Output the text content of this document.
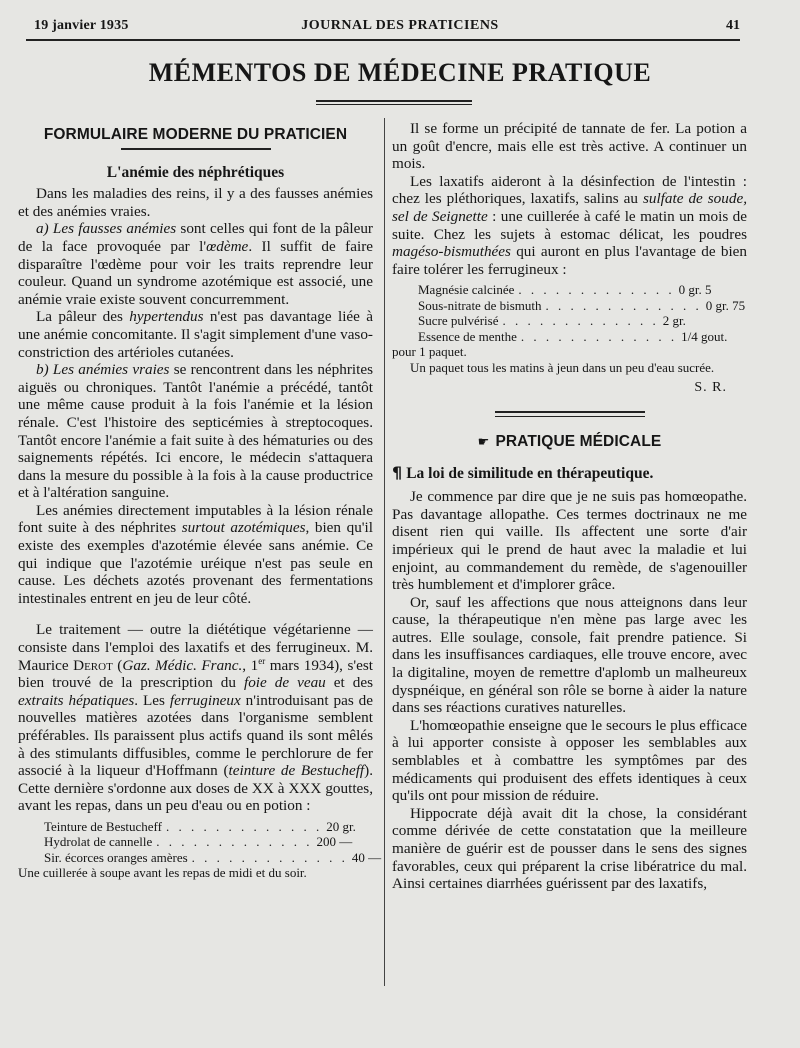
19 janvier 1935	JOURNAL DES PRATICIENS	41
MÉMENTOS DE MÉDECINE PRATIQUE
FORMULAIRE MODERNE DU PRATICIEN
L'anémie des néphrétiques

Dans les maladies des reins, il y a des fausses anémies et des anémies vraies.

a) Les fausses anémies sont celles qui font de la pâleur de la face provoquée par l'œdème. Il suffit de faire disparaître l'œdème pour voir les traits reprendre leur couleur. Quand un syndrome azotémique est associé, une anémie vraie existe souvent concurremment.

La pâleur des hypertendus n'est pas davantage liée à une anémie concomitante. Il s'agit simplement d'une vaso-constriction des artérioles cutanées.

b) Les anémies vraies se rencontrent dans les néphrites aiguës ou chroniques. Tantôt l'anémie a précédé, tantôt une même cause produit à la fois l'anémie et la lésion rénale. C'est l'histoire des septicémies à streptocoques. Tantôt encore l'anémie a fait suite à des hématuries ou des saignements répétés. Ici encore, le médecin s'attaquera dans la mesure du possible à la fois à la cause productrice et à l'altération sanguine.

Les anémies directement imputables à la lésion rénale font suite à des néphrites surtout azotémiques, bien qu'il existe des exemples d'azotémie élevée sans anémie. Ce qui indique que l'azotémie uréique n'est pas seule en cause. Les déchets azotés provenant des fermentations intestinales entrent en jeu de leur côté.

Le traitement — outre la diététique végétarienne — consiste dans l'emploi des laxatifs et des ferrugineux. M. Maurice Derot (Gaz. Médic. Franc., 1er mars 1934), s'est bien trouvé de la prescription du foie de veau et des extraits hépatiques. Les ferrugineux n'introduisant pas de nouvelles matières azotées dans l'organisme semblent préférables. Ils paraissent plus actifs quand ils sont mêlés à des stimulants diffusibles, comme le perchlorure de fer associé à la liqueur d'Hoffmann (teinture de Bestucheff). Cette dernière s'ordonne aux doses de XX à XXX gouttes, avant les repas, dans un peu d'eau ou en potion :

Teinture de Bestucheff . . . . . . . . . . . . . 20 gr.
Hydrolat de cannelle . . . . . . . . . . . . . 200 —
Sir. écorces oranges amères . . . . . . . . . . . . . 40 —

Une cuillerée à soupe avant les repas de midi et du soir.

Il se forme un précipité de tannate de fer. La potion a un goût d'encre, mais elle est très active. A continuer un mois.

Les laxatifs aideront à la désinfection de l'intestin : chez les pléthoriques, laxatifs, salins au sulfate de soude, sel de Seignette : une cuillerée à café le matin un mois de suite. Chez les sujets à estomac délicat, les poudres magéso-bismuthées qui auront en plus l'avantage de bien faire tolérer les ferrugineux :

Magnésie calcinée . . . . . . . . . . . . . 0 gr. 5
Sous-nitrate de bismuth . . . . . . . . . . . . . 0 gr. 75
Sucre pulvérisé . . . . . . . . . . . . . 2 gr.
Essence de menthe . . . . . . . . . . . . . 1/4 gout.

pour 1 paquet.

Un paquet tous les matins à jeun dans un peu d'eau sucrée.

S. R.
☛ PRATIQUE MÉDICALE
¶ La loi de similitude en thérapeutique.

Je commence par dire que je ne suis pas homœopathe. Pas davantage allopathe. Ces termes doctrinaux ne me disent rien qui vaille. Ils affectent une sorte d'air impérieux qui le prend de haut avec la maladie et lui enjoint, au commandement du remède, de s'agenouiller très humblement et d'implorer grâce.

Or, sauf les affections que nous atteignons dans leur cause, la thérapeutique n'en mène pas large avec les autres. Elle soulage, console, fait prendre patience. Si dans les insuffisances cardiaques, elle trouve encore, avec la digitaline, moyen de remettre d'aplomb un malheureux dyspnéique, en général son rôle se borne à aider la nature dans ses réactions curatives naturelles.

L'homœopathie enseigne que le secours le plus efficace à lui apporter consiste à opposer les semblables aux semblables et à combattre les symptômes par des médicaments qui produisent des effets identiques à ceux qu'ils ont pour mission de réduire.

Hippocrate déjà avait dit la chose, la considérant comme dérivée de cette constatation que la meilleure manière de guérir est de pousser dans le sens des signes favorables, ceux qui préparent la crise libératrice du mal. Ainsi certaines diarrhées guérissent par des laxatifs,
